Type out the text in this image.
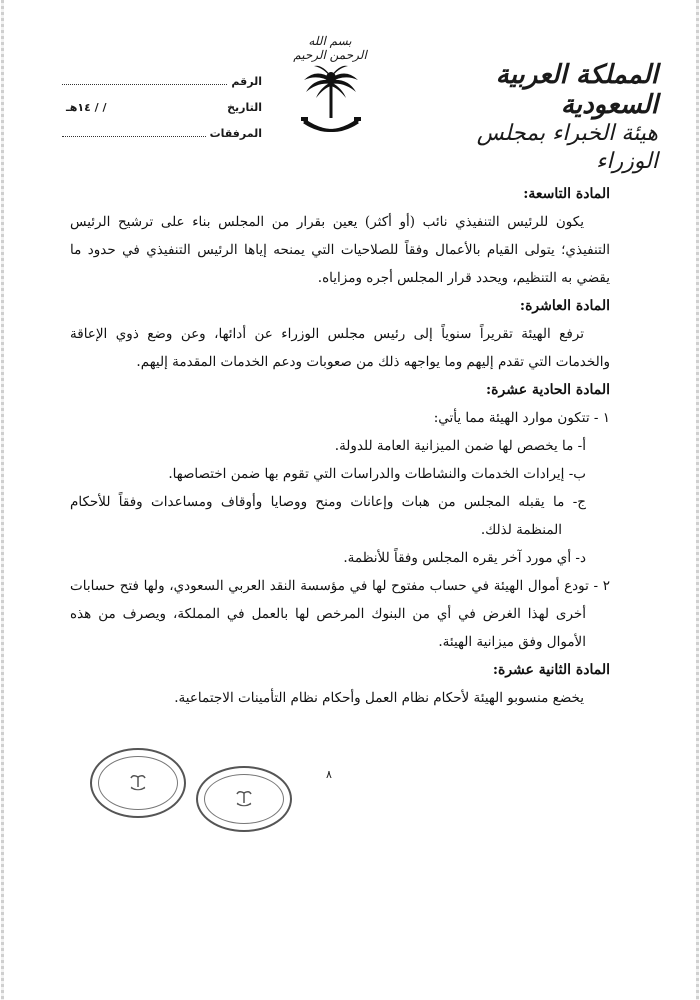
بسم الله الرحمن الرحيم
المملكة العربية السعودية
هيئة الخبراء بمجلس الوزراء
الرقم
التاريخ
/ / ١٤هـ
المرفقات
المادة التاسعة:
يكون للرئيس التنفيذي نائب (أو أكثر) يعين بقرار من المجلس بناء على ترشيح الرئيس التنفيذي؛ يتولى القيام بالأعمال وفقاً للصلاحيات التي يمنحه إياها الرئيس التنفيذي في حدود ما يقضي به التنظيم، ويحدد قرار المجلس أجره ومزاياه.
المادة العاشرة:
ترفع الهيئة تقريراً سنوياً إلى رئيس مجلس الوزراء عن أدائها، وعن وضع ذوي الإعاقة والخدمات التي تقدم إليهم وما يواجهه ذلك من صعوبات ودعم الخدمات المقدمة إليهم.
المادة الحادية عشرة:
١ - تتكون موارد الهيئة مما يأتي:
أ- ما يخصص لها ضمن الميزانية العامة للدولة.
ب- إيرادات الخدمات والنشاطات والدراسات التي تقوم بها ضمن اختصاصها.
ج- ما يقبله المجلس من هبات وإعانات ومنح ووصايا وأوقاف ومساعدات وفقاً للأحكام المنظمة لذلك.
د- أي مورد آخر يقره المجلس وفقاً للأنظمة.
٢ - تودع أموال الهيئة في حساب مفتوح لها في مؤسسة النقد العربي السعودي، ولها فتح حسابات أخرى لهذا الغرض في أي من البنوك المرخص لها بالعمل في المملكة، ويصرف من هذه الأموال وفق ميزانية الهيئة.
المادة الثانية عشرة:
يخضع منسوبو الهيئة لأحكام نظام العمل وأحكام نظام التأمينات الاجتماعية.
٨
